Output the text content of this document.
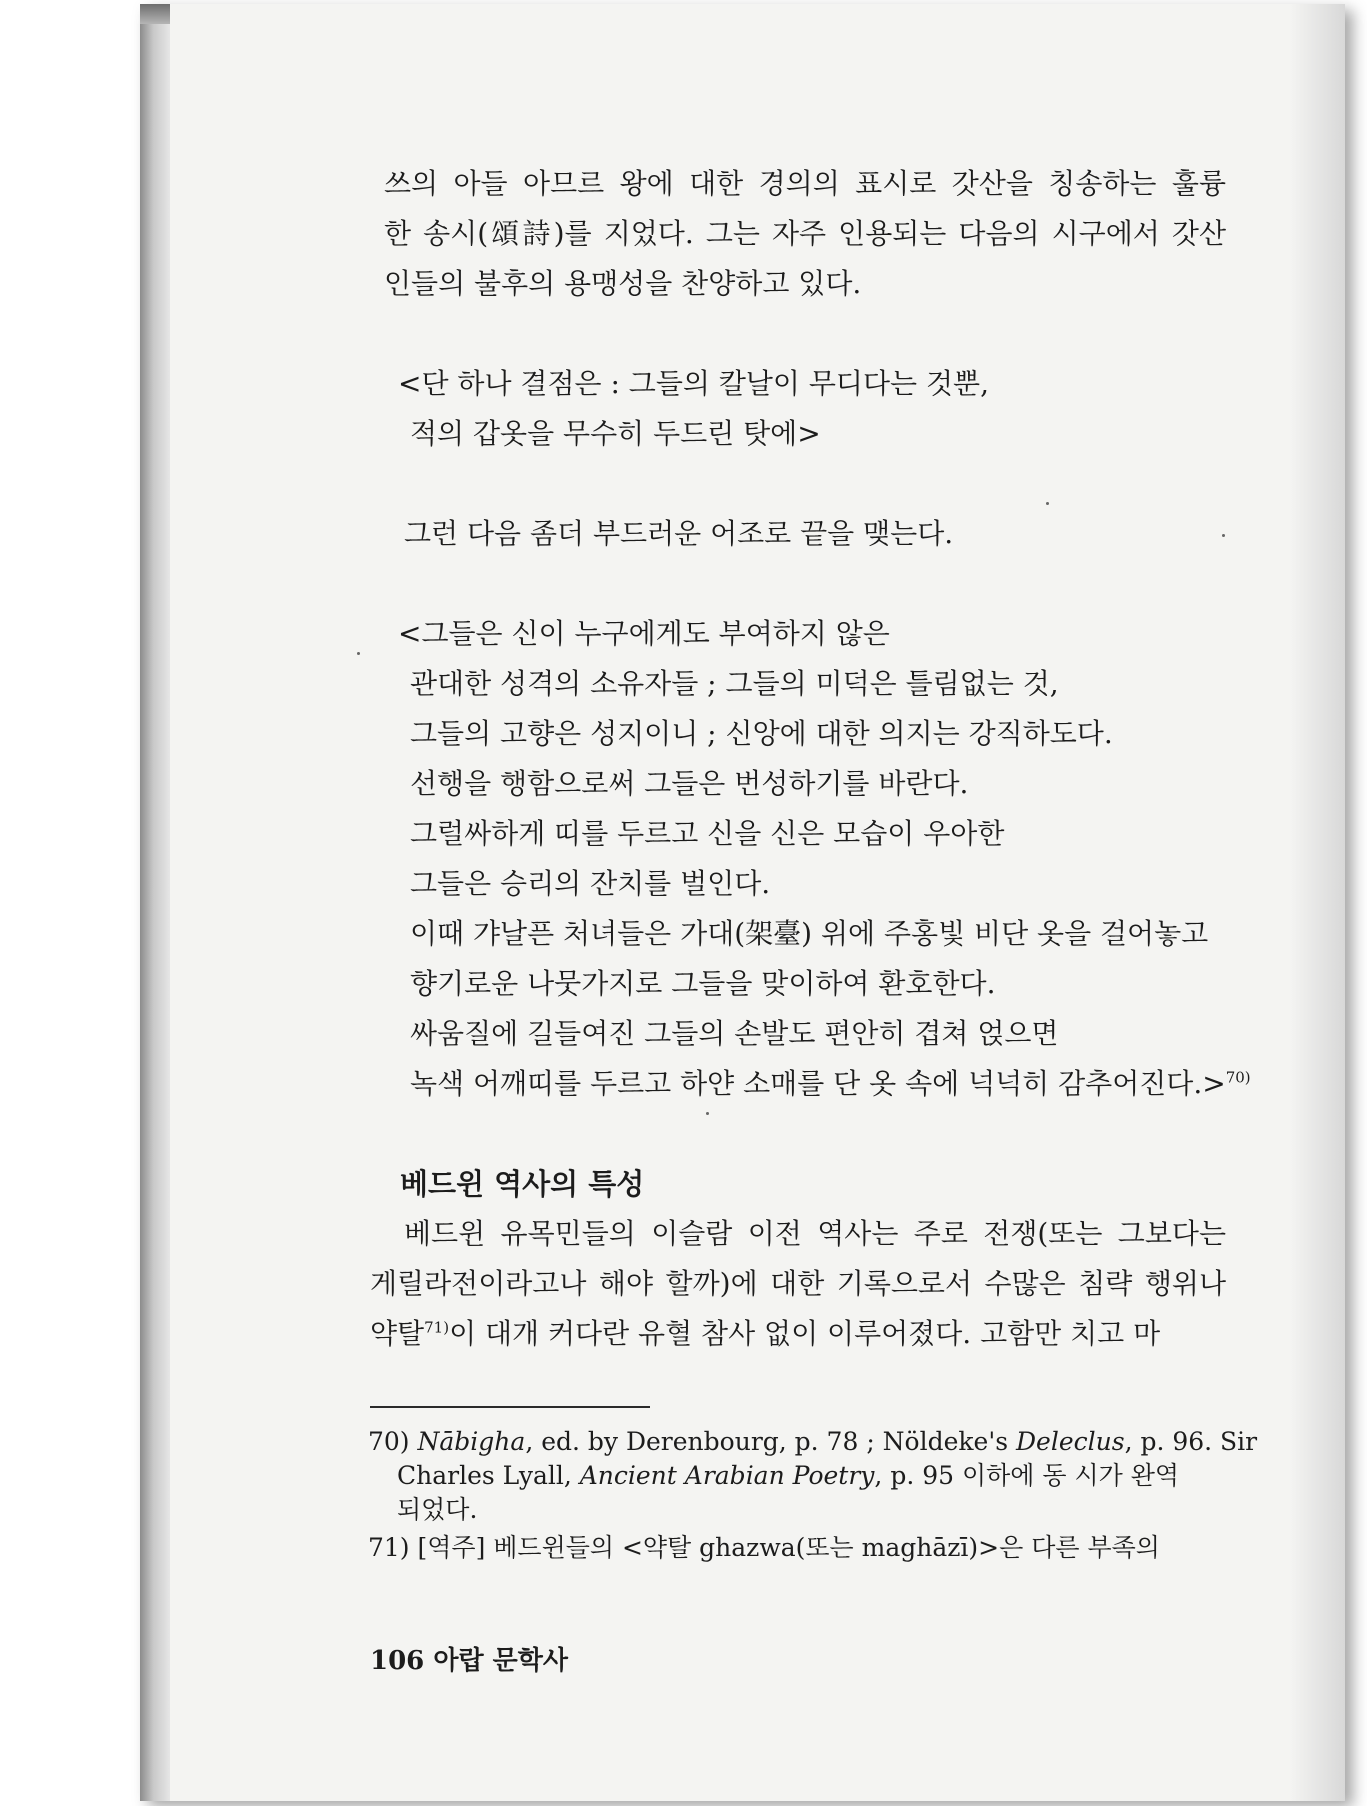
쓰의 아들 아므르 왕에 대한 경의의 표시로 갓산을 칭송하는 훌륭
한 송시(頌詩)를 지었다. 그는 자주 인용되는 다음의 시구에서 갓산
인들의 불후의 용맹성을 찬양하고 있다.
<단 하나 결점은 : 그들의 칼날이 무디다는 것뿐,
적의 갑옷을 무수히 두드린 탓에>
그런 다음 좀더 부드러운 어조로 끝을 맺는다.
<그들은 신이 누구에게도 부여하지 않은
관대한 성격의 소유자들 ; 그들의 미덕은 틀림없는 것,
그들의 고향은 성지이니 ; 신앙에 대한 의지는 강직하도다.
선행을 행함으로써 그들은 번성하기를 바란다.
그럴싸하게 띠를 두르고 신을 신은 모습이 우아한
그들은 승리의 잔치를 벌인다.
이때 갸날픈 처녀들은 가대(架臺) 위에 주홍빛 비단 옷을 걸어놓고
향기로운 나뭇가지로 그들을 맞이하여 환호한다.
싸움질에 길들여진 그들의 손발도 편안히 겹쳐 얹으면
녹색 어깨띠를 두르고 하얀 소매를 단 옷 속에 넉넉히 감추어진다.>$^{70)}$
베드윈 역사의 특성
베드윈 유목민들의 이슬람 이전 역사는 주로 전쟁(또는 그보다는
게릴라전이라고나 해야 할까)에 대한 기록으로서 수많은 침략 행위나
약탈$^{71)}$이 대개 커다란 유혈 참사 없이 이루어졌다. 고함만 치고 마
70) Nābigha, ed. by Derenbourg, p. 78 ; Nöldeke's Deleclus, p. 96. Sir
Charles Lyall, Ancient Arabian Poetry, p. 95 이하에 동 시가 완역
되었다.
71) [역주] 베드윈들의 <약탈 ghazwa(또는 maghāzī)>은 다른 부족의
106 아랍 문학사
